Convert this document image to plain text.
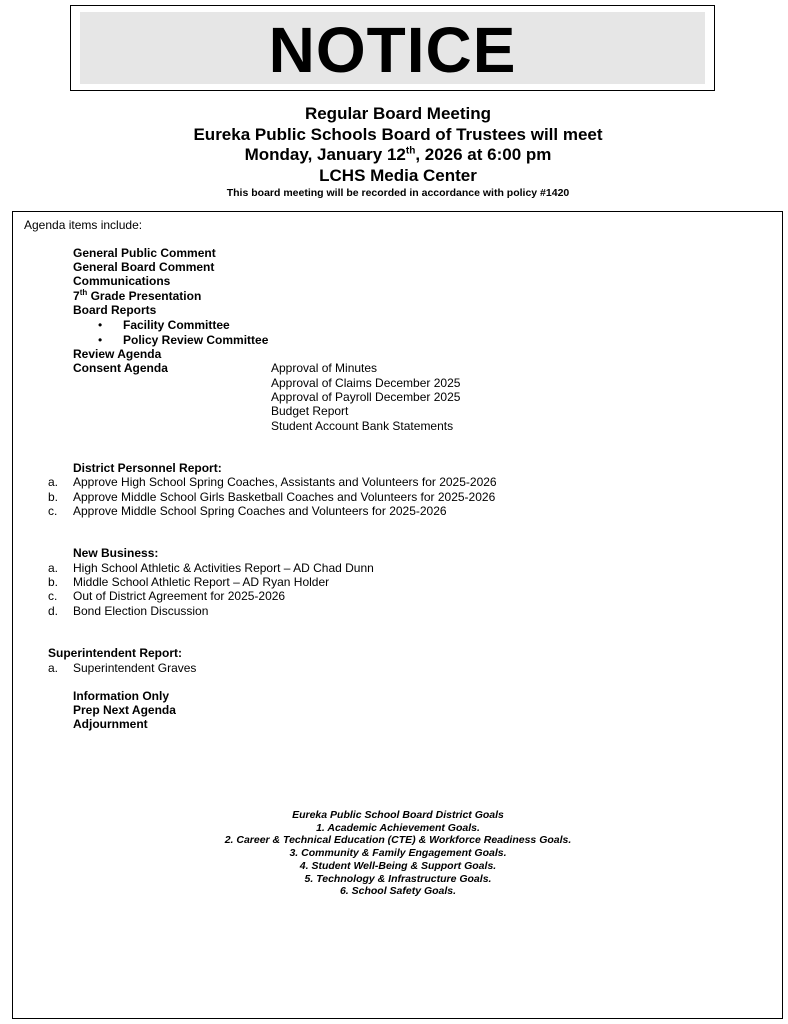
NOTICE
Regular Board Meeting
Eureka Public Schools Board of Trustees will meet
Monday, January 12th, 2026 at 6:00 pm
LCHS Media Center
This board meeting will be recorded in accordance with policy #1420
Agenda items include:
General Public Comment
General Board Comment
Communications
7th Grade Presentation
Board Reports
• Facility Committee
• Policy Review Committee
Review Agenda
Consent Agenda	Approval of Minutes
Approval of Claims December 2025
Approval of Payroll December 2025
Budget Report
Student Account Bank Statements
District Personnel Report:
a. Approve High School Spring Coaches, Assistants and Volunteers for 2025-2026
b. Approve Middle School Girls Basketball Coaches and Volunteers for 2025-2026
c. Approve Middle School Spring Coaches and Volunteers for 2025-2026
New Business:
a. High School Athletic & Activities Report – AD Chad Dunn
b. Middle School Athletic Report – AD Ryan Holder
c. Out of District Agreement for 2025-2026
d. Bond Election Discussion
Superintendent Report:
a. Superintendent Graves
Information Only
Prep Next Agenda
Adjournment
Eureka Public School Board District Goals
1. Academic Achievement Goals.
2. Career & Technical Education (CTE) & Workforce Readiness Goals.
3. Community & Family Engagement Goals.
4. Student Well-Being & Support Goals.
5. Technology & Infrastructure Goals.
6. School Safety Goals.
